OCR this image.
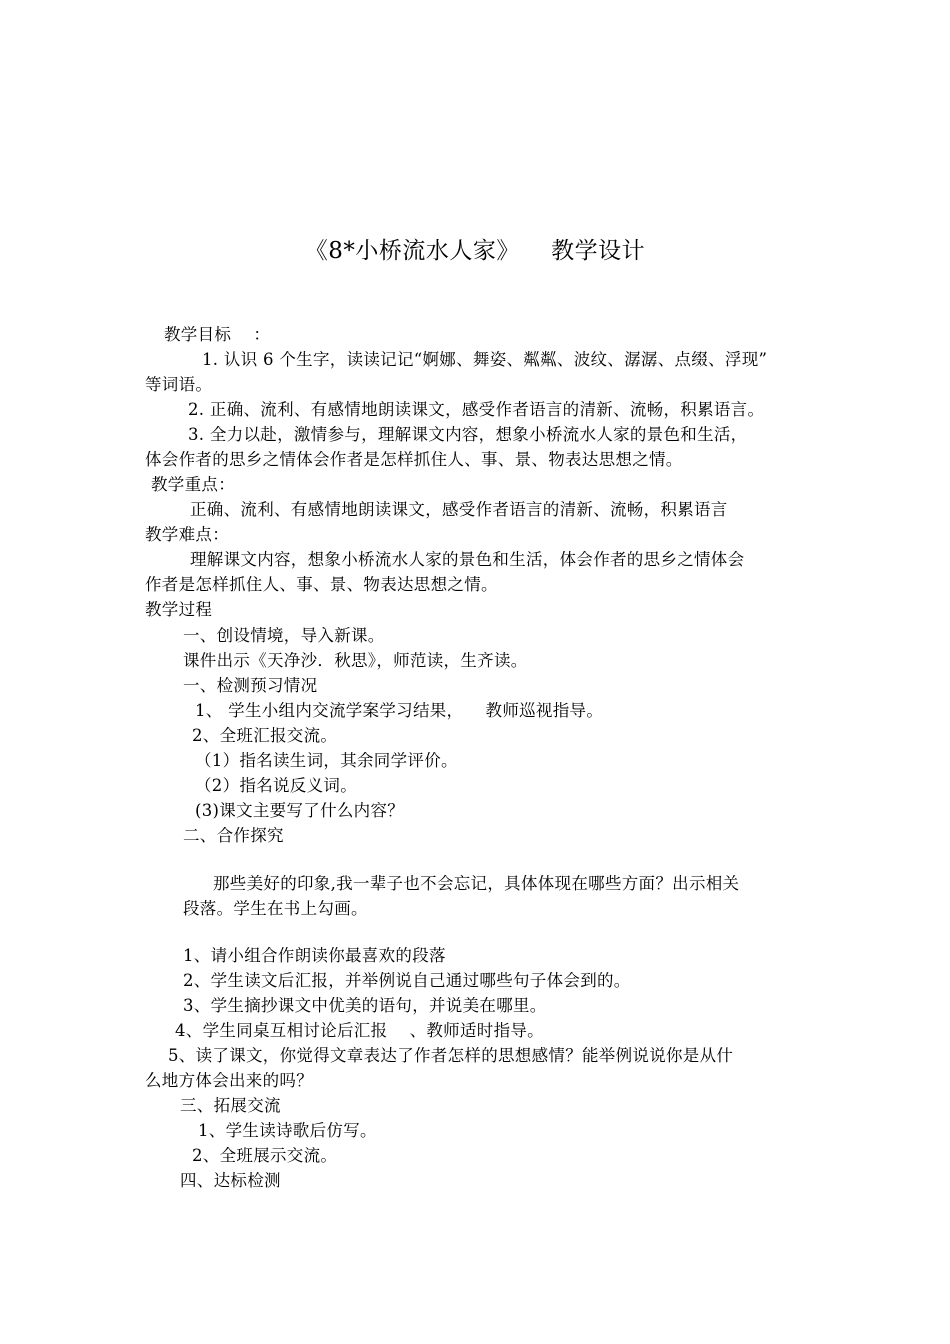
《8*小桥流水人家》    教学设计
教学目标    ：
1. 认识 6 个生字，读读记记“婀娜、舞姿、粼粼、波纹、潺潺、点缀、浮现”
等词语。
2. 正确、流利、有感情地朗读课文，感受作者语言的清新、流畅，积累语言。
3. 全力以赴，激情参与，理解课文内容，想象小桥流水人家的景色和生活，
体会作者的思乡之情体会作者是怎样抓住人、事、景、物表达思想之情。
教学重点：
正确、流利、有感情地朗读课文，感受作者语言的清新、流畅，积累语言
教学难点：
理解课文内容，想象小桥流水人家的景色和生活，体会作者的思乡之情体会
作者是怎样抓住人、事、景、物表达思想之情。
教学过程
一、创设情境，导入新课。
课件出示《天净沙．秋思》，师范读，生齐读。
一、检测预习情况
1、 学生小组内交流学案学习结果，    教师巡视指导。
2、全班汇报交流。
（1）指名读生词，其余同学评价。
（2）指名说反义词。
(3)课文主要写了什么内容？
二、合作探究
那些美好的印象,我一辈子也不会忘记，具体体现在哪些方面？出示相关
段落。学生在书上勾画。
1、请小组合作朗读你最喜欢的段落
2、学生读文后汇报，并举例说自己通过哪些句子体会到的。
3、学生摘抄课文中优美的语句，并说美在哪里。
4、学生同桌互相讨论后汇报    、教师适时指导。
5、读了课文，你觉得文章表达了作者怎样的思想感情？能举例说说你是从什
么地方体会出来的吗？
三、拓展交流
1、学生读诗歌后仿写。
2、全班展示交流。
四、达标检测
